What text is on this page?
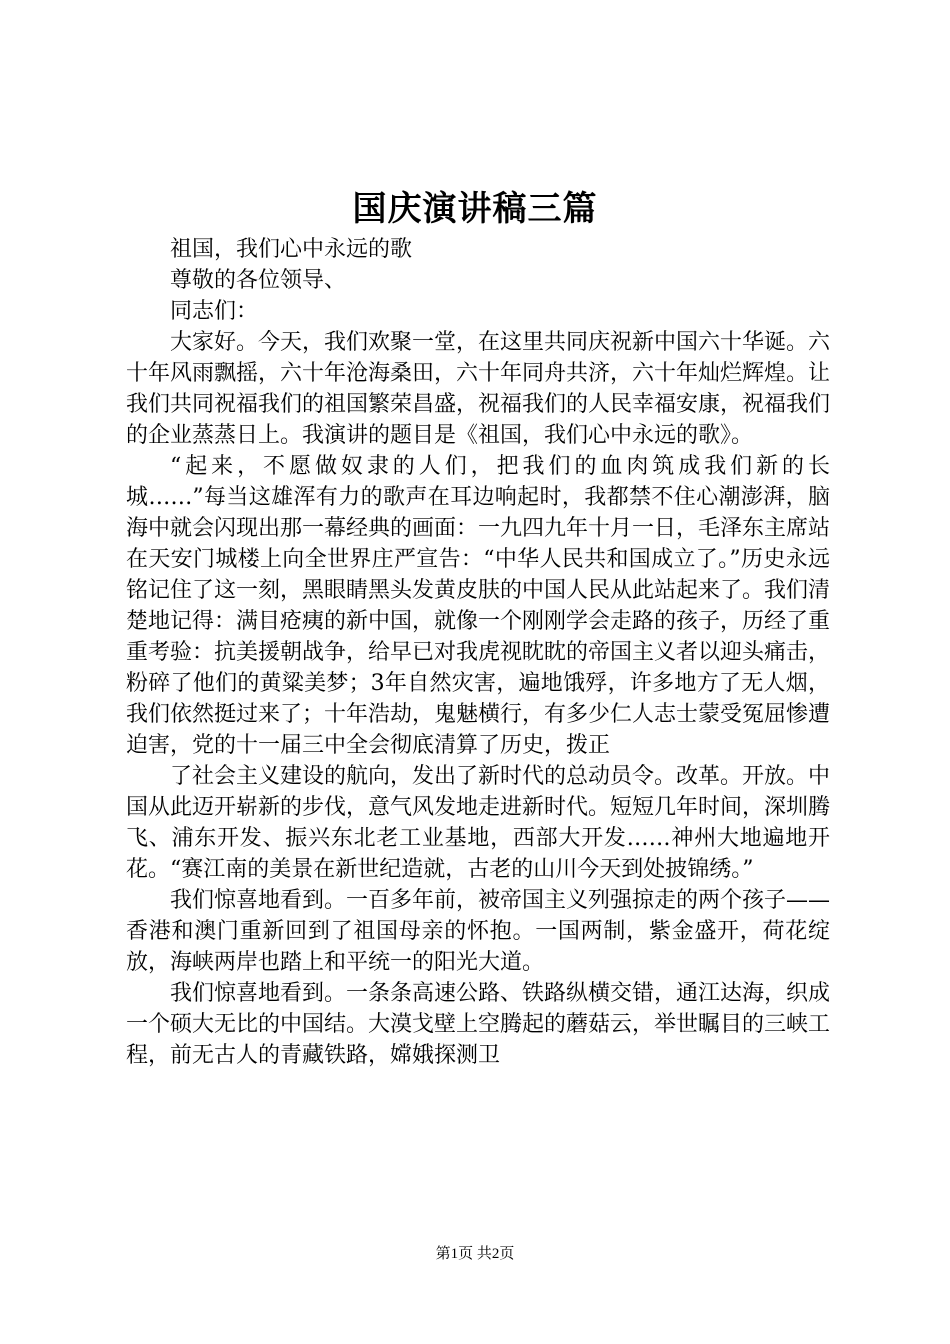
国庆演讲稿三篇

祖国，我们心中永远的歌

尊敬的各位领导、

同志们：

大家好。今天，我们欢聚一堂，在这里共同庆祝新中国六十华诞。六十年风雨飘摇，六十年沧海桑田，六十年同舟共济，六十年灿烂辉煌。让我们共同祝福我们的祖国繁荣昌盛，祝福我们的人民幸福安康，祝福我们的企业蒸蒸日上。我演讲的题目是《祖国，我们心中永远的歌》。

“起来，不愿做奴隶的人们，把我们的血肉筑成我们新的长城……”每当这雄浑有力的歌声在耳边响起时，我都禁不住心潮澎湃，脑海中就会闪现出那一幕经典的画面：一九四九年十月一日，毛泽东主席站在天安门城楼上向全世界庄严宣告：“中华人民共和国成立了。”历史永远铭记住了这一刻，黑眼睛黑头发黄皮肤的中国人民从此站起来了。我们清楚地记得：满目疮痍的新中国，就像一个刚刚学会走路的孩子，历经了重重考验：抗美援朝战争，给早已对我虎视眈眈的帝国主义者以迎头痛击，粉碎了他们的黄粱美梦；3年自然灾害，遍地饿殍，许多地方了无人烟，我们依然挺过来了；十年浩劫，鬼魅横行，有多少仁人志士蒙受冤屈惨遭迫害，党的十一届三中全会彻底清算了历史，拨正

了社会主义建设的航向，发出了新时代的总动员令。改革。开放。中国从此迈开崭新的步伐，意气风发地走进新时代。短短几年时间，深圳腾飞、浦东开发、振兴东北老工业基地，西部大开发……神州大地遍地开花。“赛江南的美景在新世纪造就，古老的山川今天到处披锦绣。”

我们惊喜地看到。一百多年前，被帝国主义列强掠走的两个孩子——香港和澳门重新回到了祖国母亲的怀抱。一国两制，紫金盛开，荷花绽放，海峡两岸也踏上和平统一的阳光大道。

我们惊喜地看到。一条条高速公路、铁路纵横交错，通江达海，织成一个硕大无比的中国结。大漠戈壁上空腾起的蘑菇云，举世瞩目的三峡工程，前无古人的青藏铁路，嫦娥探测卫

第1页 共2页
